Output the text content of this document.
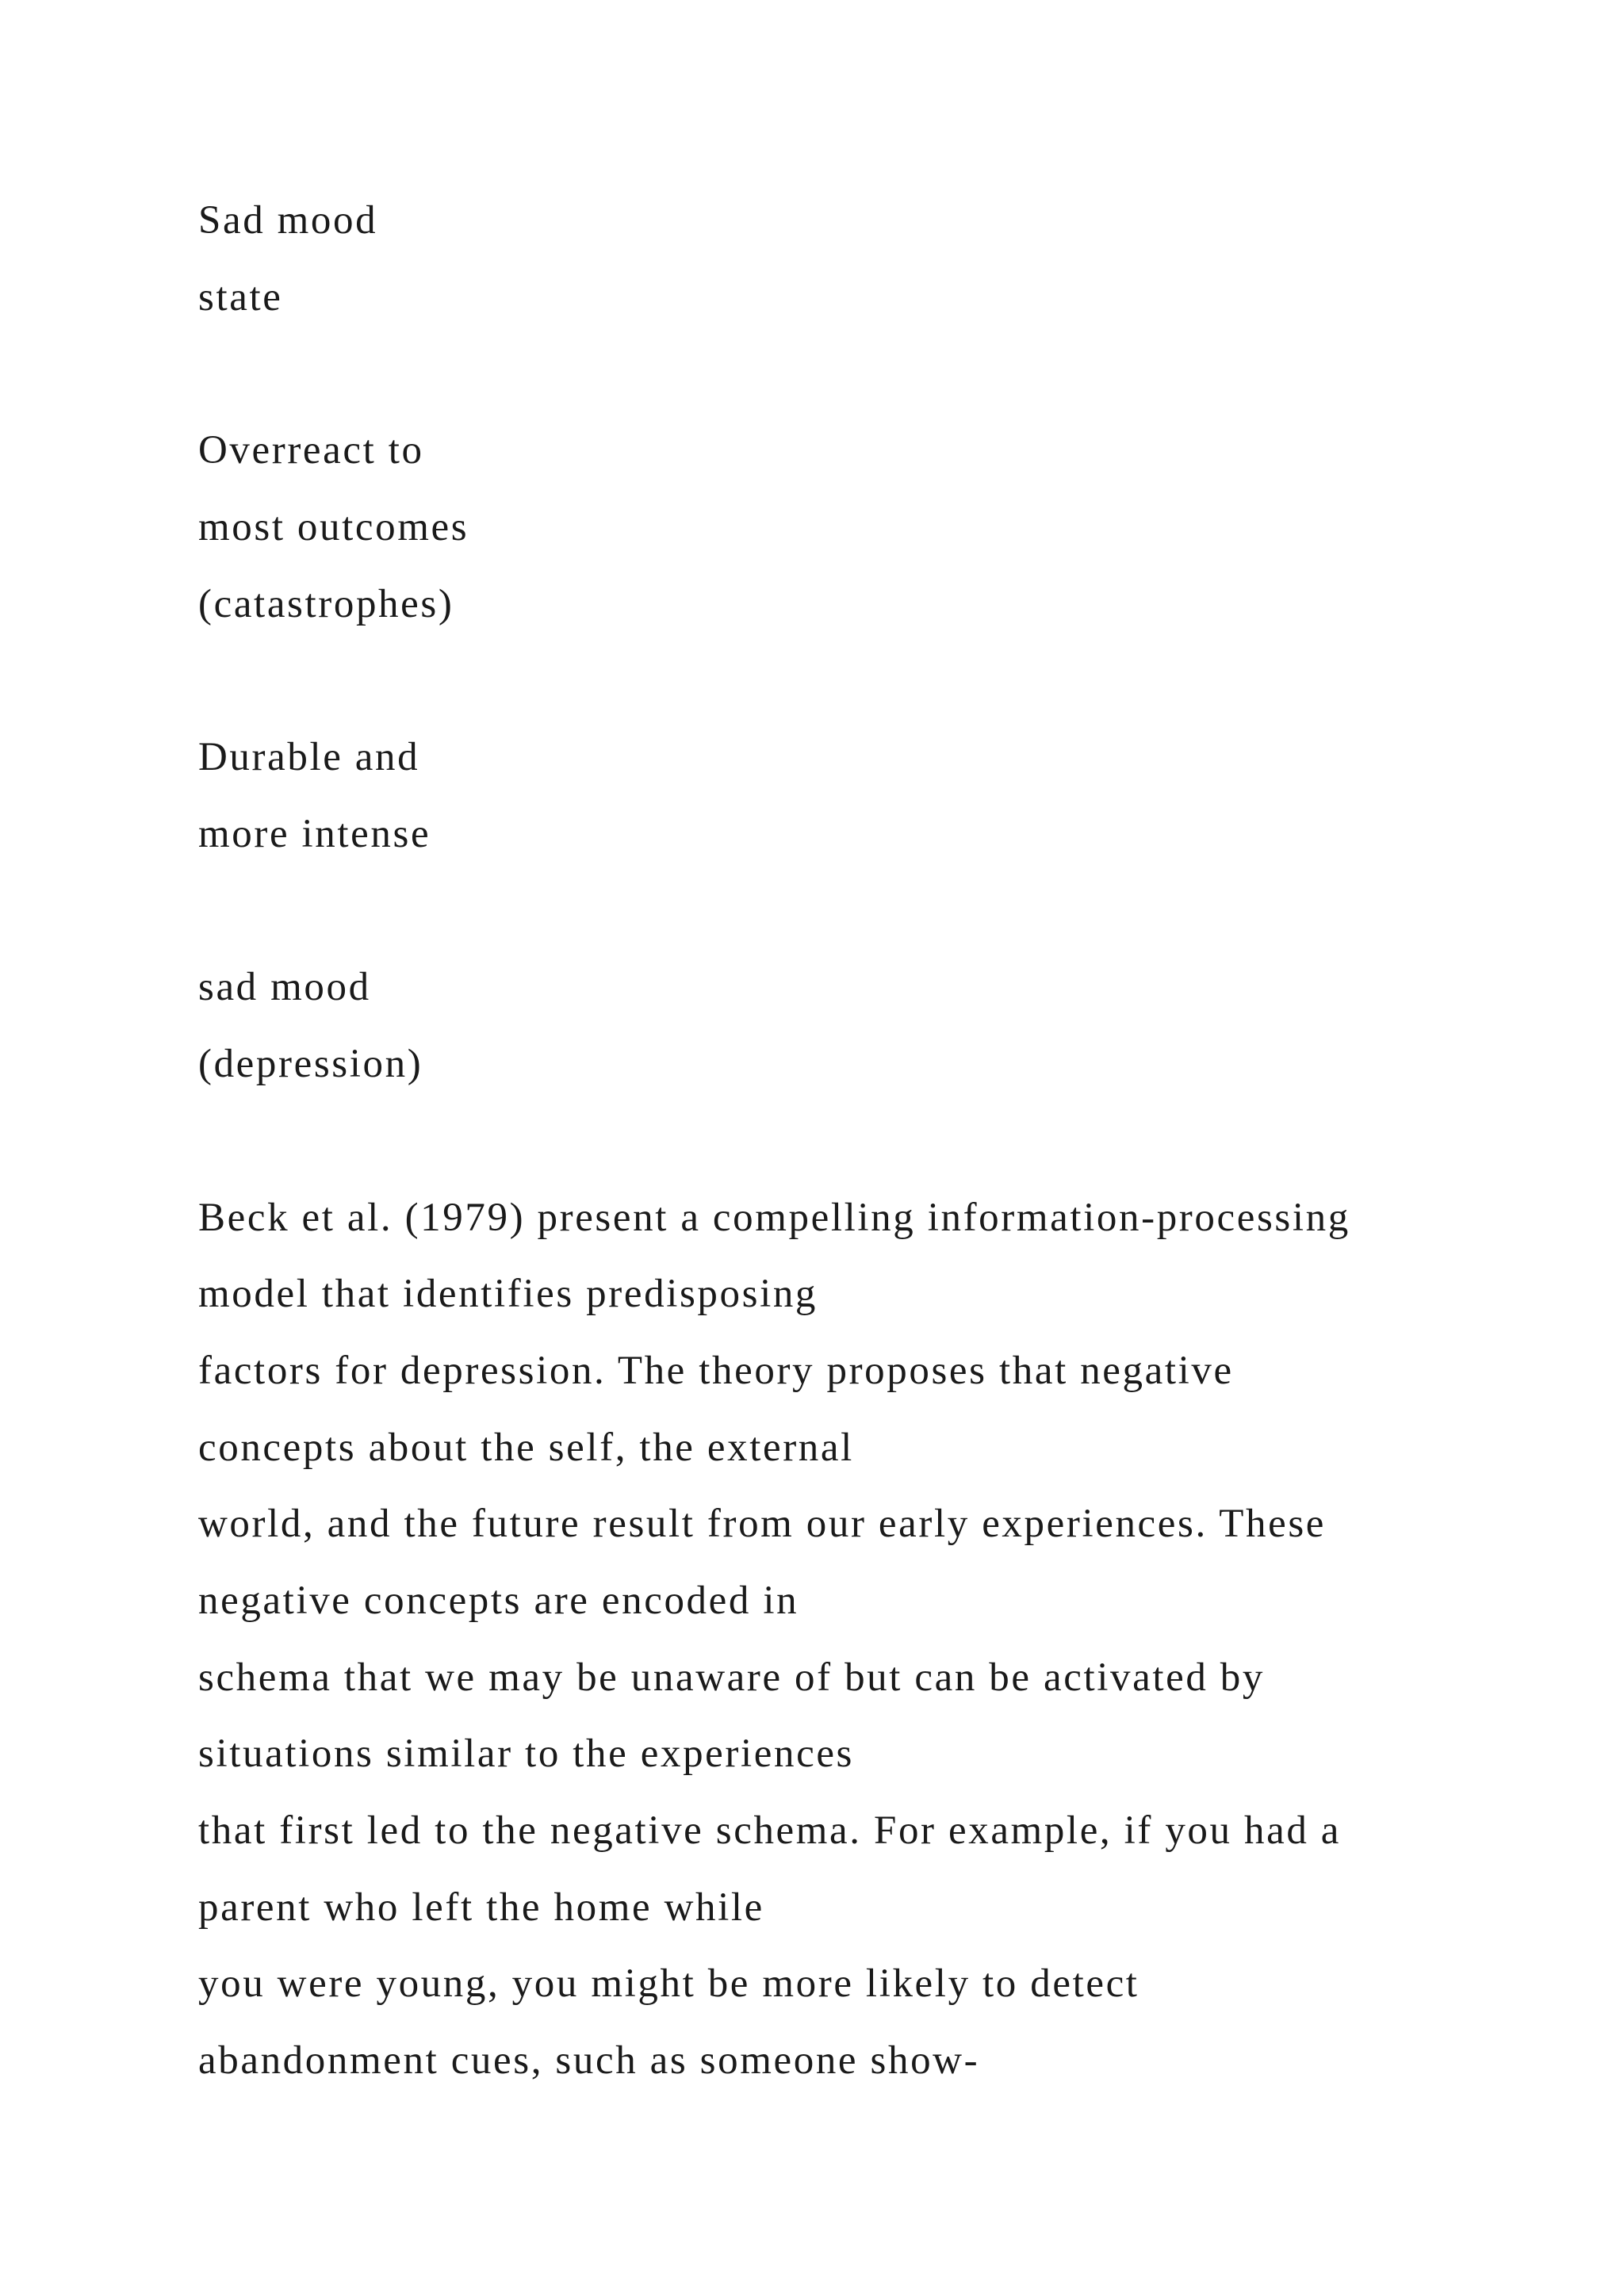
Sad mood

state

Overreact to

most outcomes

(catastrophes)

Durable and

more intense

sad mood

(depression)

Beck et al. (1979) present a compelling information-processing

model that identifies predisposing

factors for depression. The theory proposes that negative

concepts about the self, the external

world, and the future result from our early experiences. These

negative concepts are encoded in

schema that we may be unaware of but can be activated by

situations similar to the experiences

that first led to the negative schema. For example, if you had a

parent who left the home while

you were young, you might be more likely to detect

abandonment cues, such as someone show-
